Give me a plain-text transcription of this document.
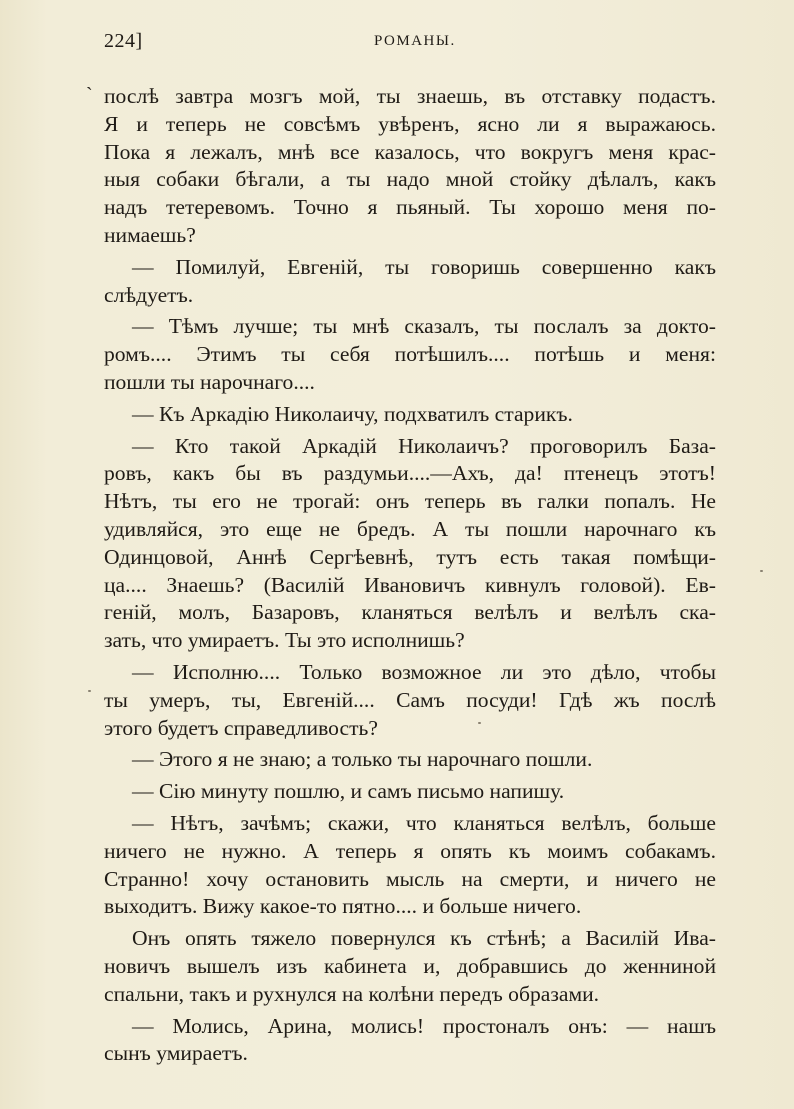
224]	РОМАНЫ.
` послѣ завтра мозгъ мой, ты знаешь, въ отставку подастъ.
Я и теперь не совсѣмъ увѣренъ, ясно ли я выражаюсь.
Пока я лежалъ, мнѣ все казалось, что вокругъ меня крас-
ныя собаки бѣгали, а ты надо мной стойку дѣлалъ, какъ
надъ тетеревомъ. Точно я пьяный. Ты хорошо меня по-
нимаешь?

— Помилуй, Евгеній, ты говоришь совершенно какъ
слѣдуетъ.

— Тѣмъ лучше; ты мнѣ сказалъ, ты послалъ за докто-
ромъ.... Этимъ ты себя потѣшилъ.... потѣшь и меня:
пошли ты нарочнаго....

— Къ Аркадію Николаичу, подхватилъ старикъ.

— Кто такой Аркадій Николаичъ? проговорилъ База-
ровъ, какъ бы въ раздумьи....—Ахъ, да! птенецъ этотъ!
Нѣтъ, ты его не трогай: онъ теперь въ галки попалъ. Не
удивляйся, это еще не бредъ. А ты пошли нарочнаго къ
Одинцовой, Аннѣ Сергѣевнѣ, тутъ есть такая помѣщи-
ца.... Знаешь? (Василій Ивановичъ кивнулъ головой). Ев-
геній, молъ, Базаровъ, кланяться велѣлъ и велѣлъ ска-
зать, что умираетъ. Ты это исполнишь?

— Исполню.... Только возможное ли это дѣло, чтобы
ты умеръ, ты, Евгеній.... Самъ посуди! Гдѣ жъ послѣ
этого будетъ справедливость?

— Этого я не знаю; а только ты нарочнаго пошли.

— Сію минуту пошлю, и самъ письмо напишу.

— Нѣтъ, зачѣмъ; скажи, что кланяться велѣлъ, больше
ничего не нужно. А теперь я опять къ моимъ собакамъ.
Странно! хочу остановить мысль на смерти, и ничего не
выходитъ. Вижу какое-то пятно.... и больше ничего.

Онъ опять тяжело повернулся къ стѣнѣ; а Василій Ива-
новичъ вышелъ изъ кабинета и, добравшись до женниной
спальни, такъ и рухнулся на колѣни передъ образами.

— Молись, Арина, молись! простоналъ онъ: — нашъ
сынъ умираетъ.
